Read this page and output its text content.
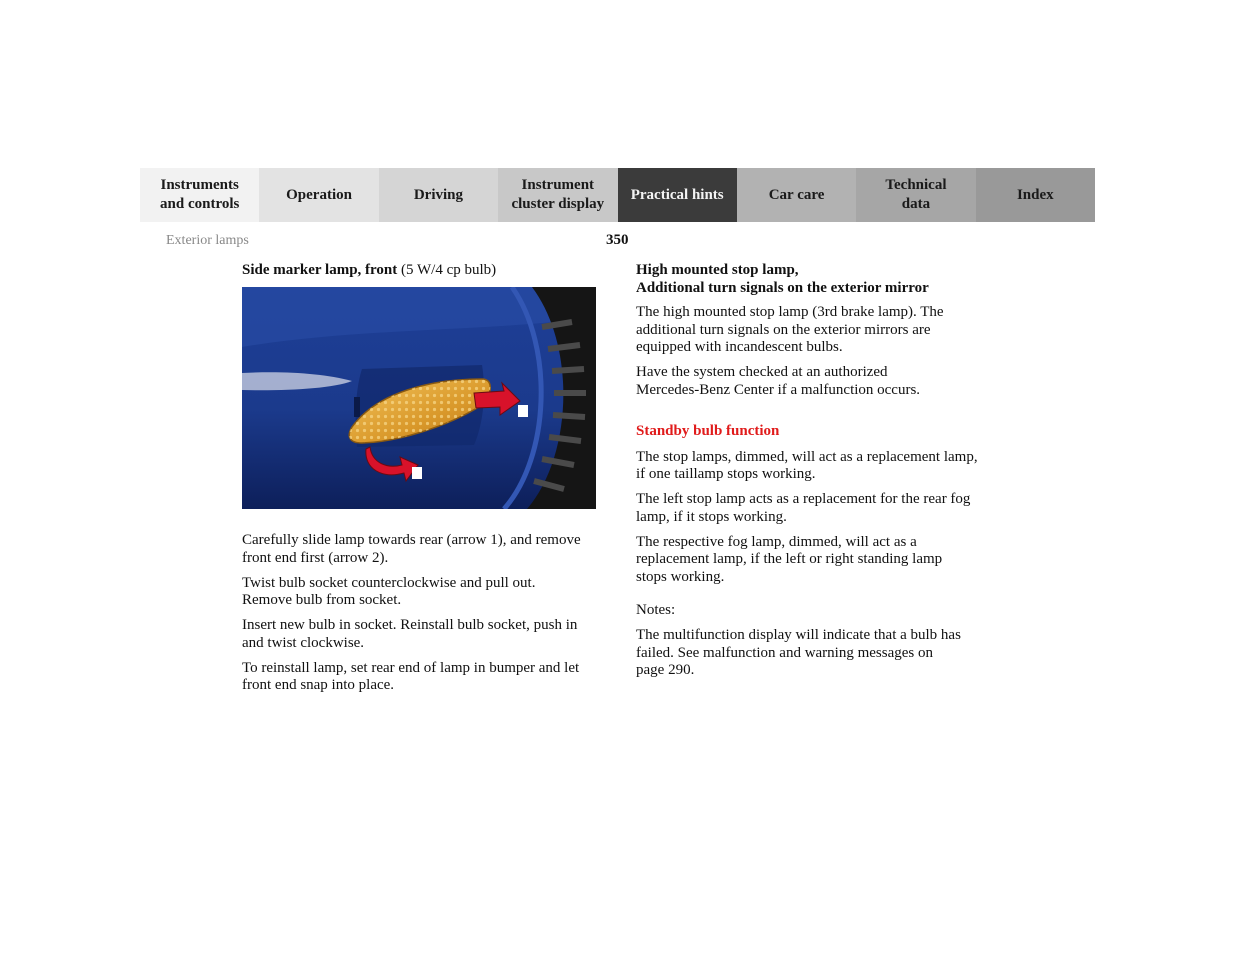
Instruments
and controls
Operation	Driving
Instrument
cluster display
Practical hints	Car care
Technical
data
Index
Exterior lamps	350

Side marker lamp, front (5 W/4 cp bulb)

Carefully slide lamp towards rear (arrow 1), and remove
front end first (arrow 2).

Twist bulb socket counterclockwise and pull out.
Remove bulb from socket.

Insert new bulb in socket. Reinstall bulb socket, push in
and twist clockwise.

To reinstall lamp, set rear end of lamp in bumper and let
front end snap into place.

High mounted stop lamp,
Additional turn signals on the exterior mirror

The high mounted stop lamp (3rd brake lamp). The
additional turn signals on the exterior mirrors are
equipped with incandescent bulbs.

Have the system checked at an authorized
Mercedes-Benz Center if a malfunction occurs.

Standby bulb function

The stop lamps, dimmed, will act as a replacement lamp,
if one taillamp stops working.

The left stop lamp acts as a replacement for the rear fog
lamp, if it stops working.

The respective fog lamp, dimmed, will act as a
replacement lamp, if the left or right standing lamp
stops working.

Notes:

The multifunction display will indicate that a bulb has
failed. See malfunction and warning messages on
page 290.
